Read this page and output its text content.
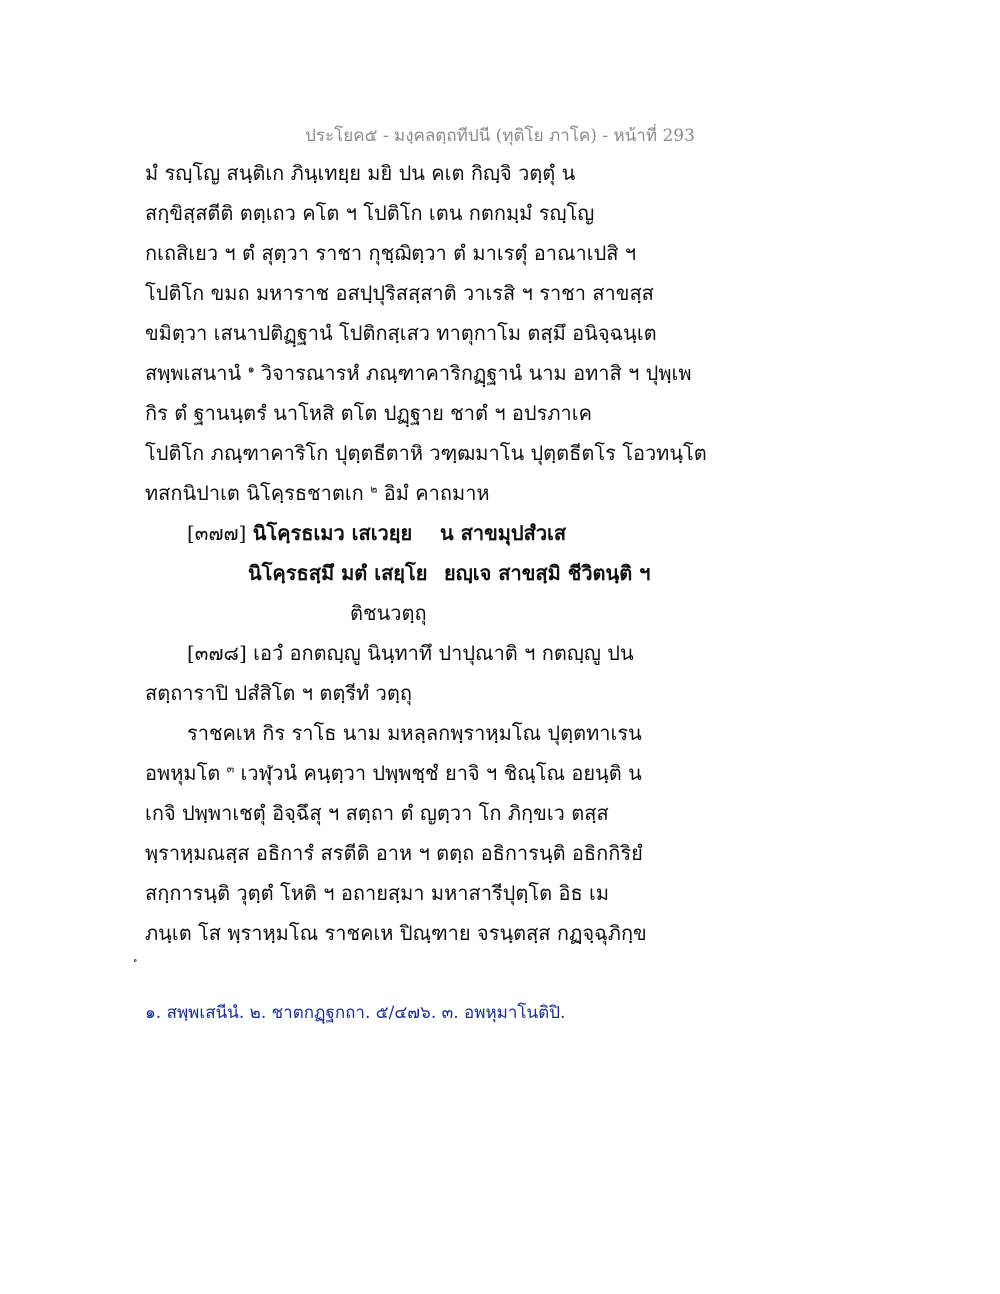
ประโยค๕ - มงฺคลตฺถทีปนี (ทุติโย ภาโค) - หน้าที่ 293
มํ รญฺโญ สนฺติเก ภินฺเทยฺย มยิ ปน คเต กิญฺจิ วตฺตุํ น
สกฺขิสฺสตีติ ตตฺเถว คโต ฯ โปติโก เตน กตกมฺมํ รญฺโญ
กเถสิเยว ฯ ตํ สุตฺวา ราชา กุชฺฌิตฺวา ตํ มาเรตุํ อาณาเปสิ ฯ
โปติโก ขมถ มหาราช อสปฺปุริสสฺสาติ วาเรสิ ฯ ราชา สาขสฺส
ขมิตฺวา เสนาปติฏฺฐานํ โปติกสฺเสว ทาตุกาโม ตสฺมึ อนิจฺฉนฺเต
สพฺพเสนานํ $^๑$ วิจารณารหํ ภณฺฑาคาริกฏฺฐานํ นาม อทาสิ ฯ ปุพฺเพ
กิร ตํ ฐานนฺตรํ นาโหสิ ตโต ปฏฺฐาย ชาตํ ฯ อปรภาเค
โปติโก ภณฺฑาคาริโก ปุตฺตธีตาหิ วฑฺฒมาโน ปุตฺตธีตโร โอวทนฺโต
ทสกนิปาเต นิโคฺรธชาตเก $^๒$ อิมํ คาถมาห
[๓๗๗] นิโคฺรธเมว เสเวยฺย น สาขมุปสํวเส
นิโคฺรธสฺมึ มตํ เสยฺโย ยญฺเจ สาขสฺมิ ชีวิตนฺติ ฯ
ติชนวตฺถุ
[๓๗๘] เอวํ อกตญฺญู นินฺทาทึ ปาปุณาติ ฯ กตญฺญู ปน
สตฺถาราปิ ปสํสิโต ฯ ตตฺรีทํ วตฺถุ
ราชคเห กิร ราโธ นาม มหลฺลกพฺราหฺมโณ ปุตฺตทาเรน
อพหุมโต $^๓$ เวฬุวนํ คนฺตฺวา ปพฺพชฺชํ ยาจิ ฯ ชิณฺโณ อยนฺติ น
เกจิ ปพฺพาเชตุํ อิจฺฉึสุ ฯ สตฺถา ตํ ญตฺวา โก ภิกฺขเว ตสฺส
พฺราหฺมณสฺส อธิการํ สรตีติ อาห ฯ ตตฺถ อธิการนฺติ อธิกกิริยํ
สกฺการนฺติ วุตฺตํ โหติ ฯ อถายสฺมา มหาสารีปุตฺโต อิธ เม
ภนฺเต โส พฺราหฺมโณ ราชคเห ปิณฺฑาย จรนฺตสฺส กฏจฺฉุภิกฺข
๑. สพฺพเสนีนํ. ๒. ชาตกฏฺฐกถา. ๕/๔๗๖. ๓. อพหุมาโนติปิ.
